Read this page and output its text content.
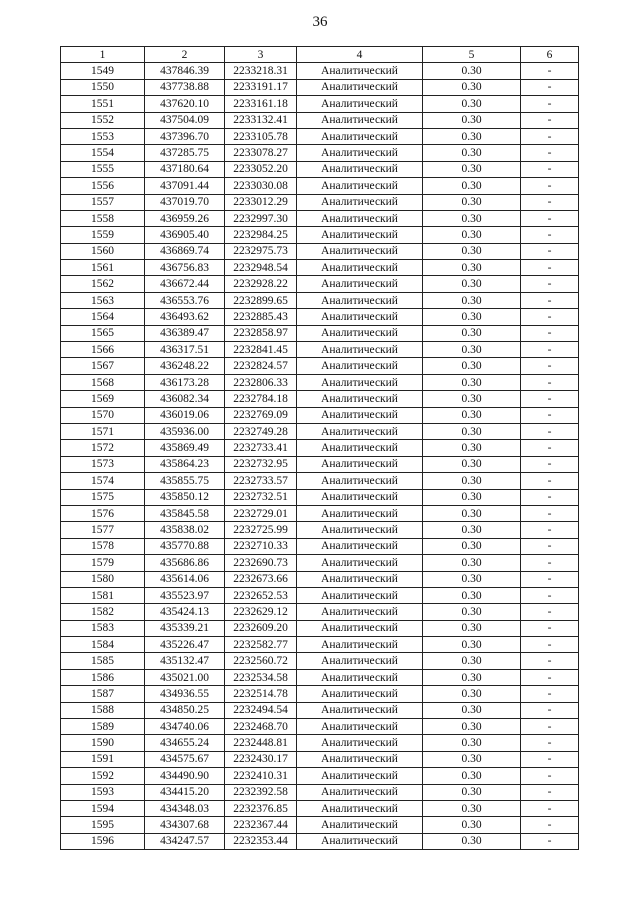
36
1	2	3	4	5	6
1549	437846.39	2233218.31	Аналитический	0.30	-
1550	437738.88	2233191.17	Аналитический	0.30	-
1551	437620.10	2233161.18	Аналитический	0.30	-
1552	437504.09	2233132.41	Аналитический	0.30	-
1553	437396.70	2233105.78	Аналитический	0.30	-
1554	437285.75	2233078.27	Аналитический	0.30	-
1555	437180.64	2233052.20	Аналитический	0.30	-
1556	437091.44	2233030.08	Аналитический	0.30	-
1557	437019.70	2233012.29	Аналитический	0.30	-
1558	436959.26	2232997.30	Аналитический	0.30	-
1559	436905.40	2232984.25	Аналитический	0.30	-
1560	436869.74	2232975.73	Аналитический	0.30	-
1561	436756.83	2232948.54	Аналитический	0.30	-
1562	436672.44	2232928.22	Аналитический	0.30	-
1563	436553.76	2232899.65	Аналитический	0.30	-
1564	436493.62	2232885.43	Аналитический	0.30	-
1565	436389.47	2232858.97	Аналитический	0.30	-
1566	436317.51	2232841.45	Аналитический	0.30	-
1567	436248.22	2232824.57	Аналитический	0.30	-
1568	436173.28	2232806.33	Аналитический	0.30	-
1569	436082.34	2232784.18	Аналитический	0.30	-
1570	436019.06	2232769.09	Аналитический	0.30	-
1571	435936.00	2232749.28	Аналитический	0.30	-
1572	435869.49	2232733.41	Аналитический	0.30	-
1573	435864.23	2232732.95	Аналитический	0.30	-
1574	435855.75	2232733.57	Аналитический	0.30	-
1575	435850.12	2232732.51	Аналитический	0.30	-
1576	435845.58	2232729.01	Аналитический	0.30	-
1577	435838.02	2232725.99	Аналитический	0.30	-
1578	435770.88	2232710.33	Аналитический	0.30	-
1579	435686.86	2232690.73	Аналитический	0.30	-
1580	435614.06	2232673.66	Аналитический	0.30	-
1581	435523.97	2232652.53	Аналитический	0.30	-
1582	435424.13	2232629.12	Аналитический	0.30	-
1583	435339.21	2232609.20	Аналитический	0.30	-
1584	435226.47	2232582.77	Аналитический	0.30	-
1585	435132.47	2232560.72	Аналитический	0.30	-
1586	435021.00	2232534.58	Аналитический	0.30	-
1587	434936.55	2232514.78	Аналитический	0.30	-
1588	434850.25	2232494.54	Аналитический	0.30	-
1589	434740.06	2232468.70	Аналитический	0.30	-
1590	434655.24	2232448.81	Аналитический	0.30	-
1591	434575.67	2232430.17	Аналитический	0.30	-
1592	434490.90	2232410.31	Аналитический	0.30	-
1593	434415.20	2232392.58	Аналитический	0.30	-
1594	434348.03	2232376.85	Аналитический	0.30	-
1595	434307.68	2232367.44	Аналитический	0.30	-
1596	434247.57	2232353.44	Аналитический	0.30	-
